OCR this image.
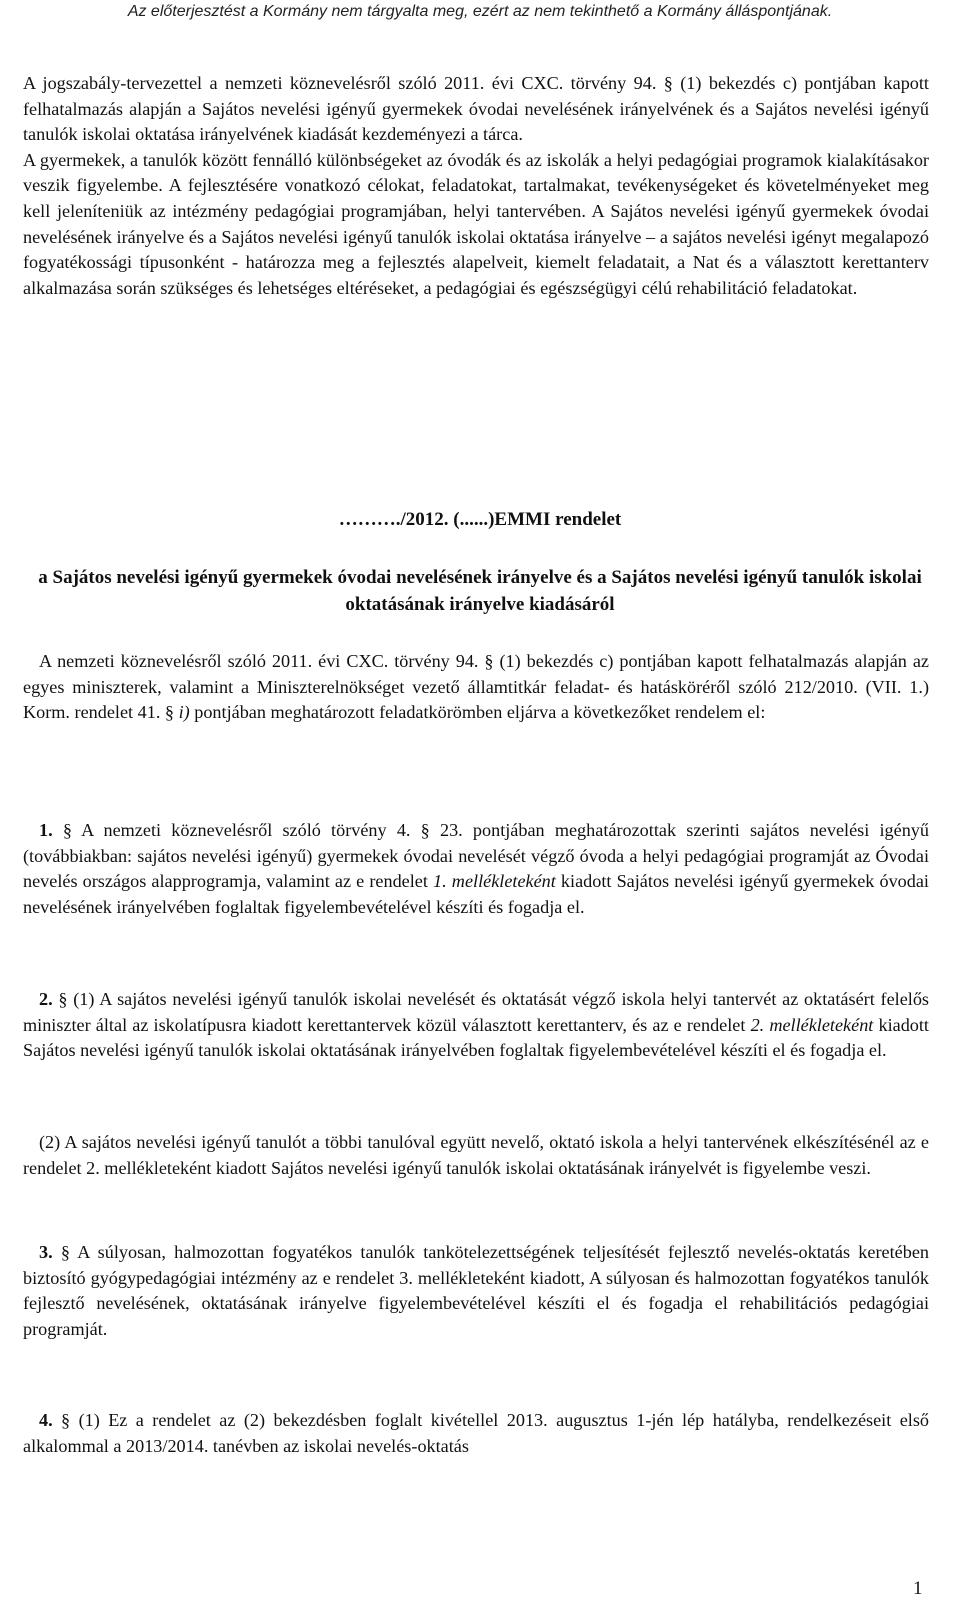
Az előterjesztést a Kormány nem tárgyalta meg, ezért az nem tekinthető a Kormány álláspontjának.

A jogszabály-tervezettel a nemzeti köznevelésről szóló 2011. évi CXC. törvény 94. § (1) bekezdés c) pontjában kapott felhatalmazás alapján a Sajátos nevelési igényű gyermekek óvodai nevelésének irányelvének és a Sajátos nevelési igényű tanulók iskolai oktatása irányelvének kiadását kezdeményezi a tárca.

A gyermekek, a tanulók között fennálló különbségeket az óvodák és az iskolák a helyi pedagógiai programok kialakításakor veszik figyelembe. A fejlesztésére vonatkozó célokat, feladatokat, tartalmakat, tevékenységeket és követelményeket meg kell jeleníteniük az intézmény pedagógiai programjában, helyi tantervében. A Sajátos nevelési igényű gyermekek óvodai nevelésének irányelve és a Sajátos nevelési igényű tanulók iskolai oktatása irányelve – a sajátos nevelési igényt megalapozó fogyatékossági típusonként - határozza meg a fejlesztés alapelveit, kiemelt feladatait, a Nat és a választott kerettanterv alkalmazása során szükséges és lehetséges eltéréseket, a pedagógiai és egészségügyi célú rehabilitáció feladatokat.

………./2012. (......)EMMI rendelet

a Sajátos nevelési igényű gyermekek óvodai nevelésének irányelve és a Sajátos nevelési igényű tanulók iskolai oktatásának irányelve kiadásáról

A nemzeti köznevelésről szóló 2011. évi CXC. törvény 94. § (1) bekezdés c) pontjában kapott felhatalmazás alapján az egyes miniszterek, valamint a Miniszterelnökséget vezető államtitkár feladat- és hatásköréről szóló 212/2010. (VII. 1.) Korm. rendelet 41. § i) pontjában meghatározott feladatkörömben eljárva a következőket rendelem el:

1. § A nemzeti köznevelésről szóló törvény 4. § 23. pontjában meghatározottak szerinti sajátos nevelési igényű (továbbiakban: sajátos nevelési igényű) gyermekek óvodai nevelését végző óvoda a helyi pedagógiai programját az Óvodai nevelés országos alapprogramja, valamint az e rendelet 1. mellékleteként kiadott Sajátos nevelési igényű gyermekek óvodai nevelésének irányelvében foglaltak figyelembevételével készíti és fogadja el.

2. § (1) A sajátos nevelési igényű tanulók iskolai nevelését és oktatását végző iskola helyi tantervét az oktatásért felelős miniszter által az iskolatípusra kiadott kerettantervek közül választott kerettanterv, és az e rendelet 2. mellékleteként kiadott Sajátos nevelési igényű tanulók iskolai oktatásának irányelvében foglaltak figyelembevételével készíti el és fogadja el.

(2) A sajátos nevelési igényű tanulót a többi tanulóval együtt nevelő, oktató iskola a helyi tantervének elkészítésénél az e rendelet 2. mellékleteként kiadott Sajátos nevelési igényű tanulók iskolai oktatásának irányelvét is figyelembe veszi.

3. § A súlyosan, halmozottan fogyatékos tanulók tankötelezettségének teljesítését fejlesztő nevelés-oktatás keretében biztosító gyógypedagógiai intézmény az e rendelet 3. mellékleteként kiadott, A súlyosan és halmozottan fogyatékos tanulók fejlesztő nevelésének, oktatásának irányelve figyelembevételével készíti el és fogadja el rehabilitációs pedagógiai programját.

4. § (1) Ez a rendelet az (2) bekezdésben foglalt kivétellel 2013. augusztus 1-jén lép hatályba, rendelkezéseit első alkalommal a 2013/2014. tanévben az iskolai nevelés-oktatás

1
